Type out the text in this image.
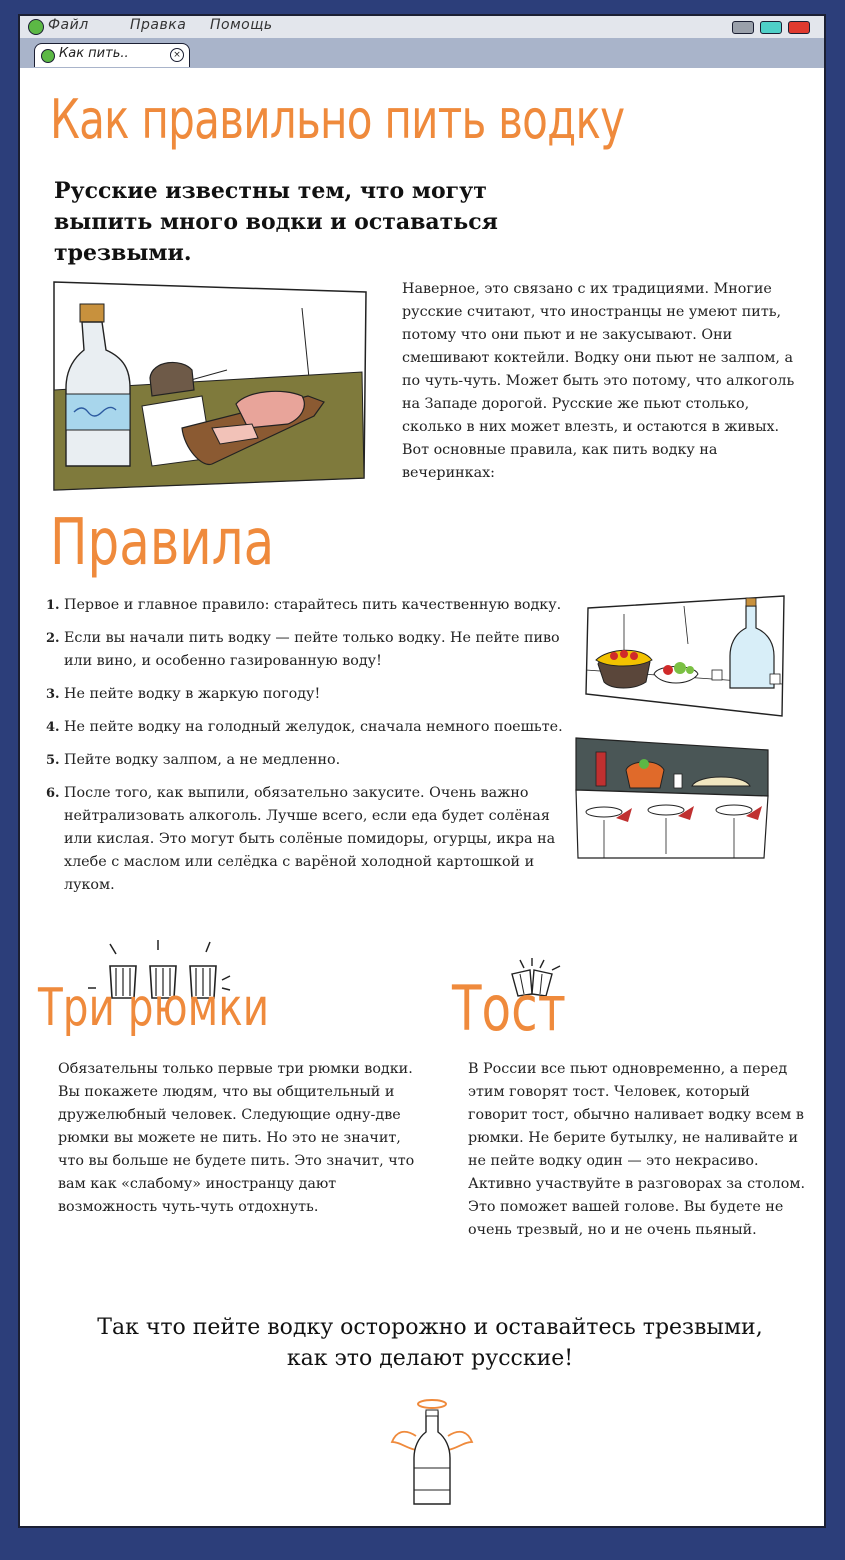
Файл	Правка Помощь
Как пить..	×
Как правильно пить водку
Русские известны тем, что могут выпить много водки и оставаться трезвыми.
Наверное, это связано с их традициями. Многие русские считают, что иностранцы не умеют пить, потому что они пьют и не закусывают. Они смешивают коктейли. Водку они пьют не залпом, а по чуть-чуть. Может быть это потому, что алкоголь на Западе дорогой. Русские же пьют столько, сколько в них может влезть, и остаются в живых. Вот основные правила, как пить водку на вечеринках:
Правила
1. Первое и главное правило: старайтесь пить качественную водку.
2. Если вы начали пить водку — пейте только водку. Не пейте пиво или вино, и особенно газированную воду!
3. Не пейте водку в жаркую погоду!
4. Не пейте водку на голодный желудок, сначала немного поешьте.
5. Пейте водку залпом, а не медленно.
6. После того, как выпили, обязательно закусите. Очень важно нейтрализовать алкоголь. Лучше всего, если еда будет солёная или кислая. Это могут быть солёные помидоры, огурцы, икра на хлебе с маслом или селёдка с варёной холодной картошкой и луком.
Три рюмки
Обязательны только первые три рюмки водки. Вы покажете людям, что вы общительный и дружелюбный человек. Следующие одну-две рюмки вы можете не пить. Но это не значит, что вы больше не будете пить. Это значит, что вам как «слабому» иностранцу дают возможность чуть-чуть отдохнуть.
Тост
В России все пьют одновременно, а перед этим говорят тост. Человек, который говорит тост, обычно наливает водку всем в рюмки. Не берите бутылку, не наливайте и не пейте водку один — это некрасиво. Активно участвуйте в разговорах за столом. Это поможет вашей голове. Вы будете не очень трезвый, но и не очень пьяный.
Так что пейте водку осторожно и оставайтесь трезвыми, как это делают русские!
